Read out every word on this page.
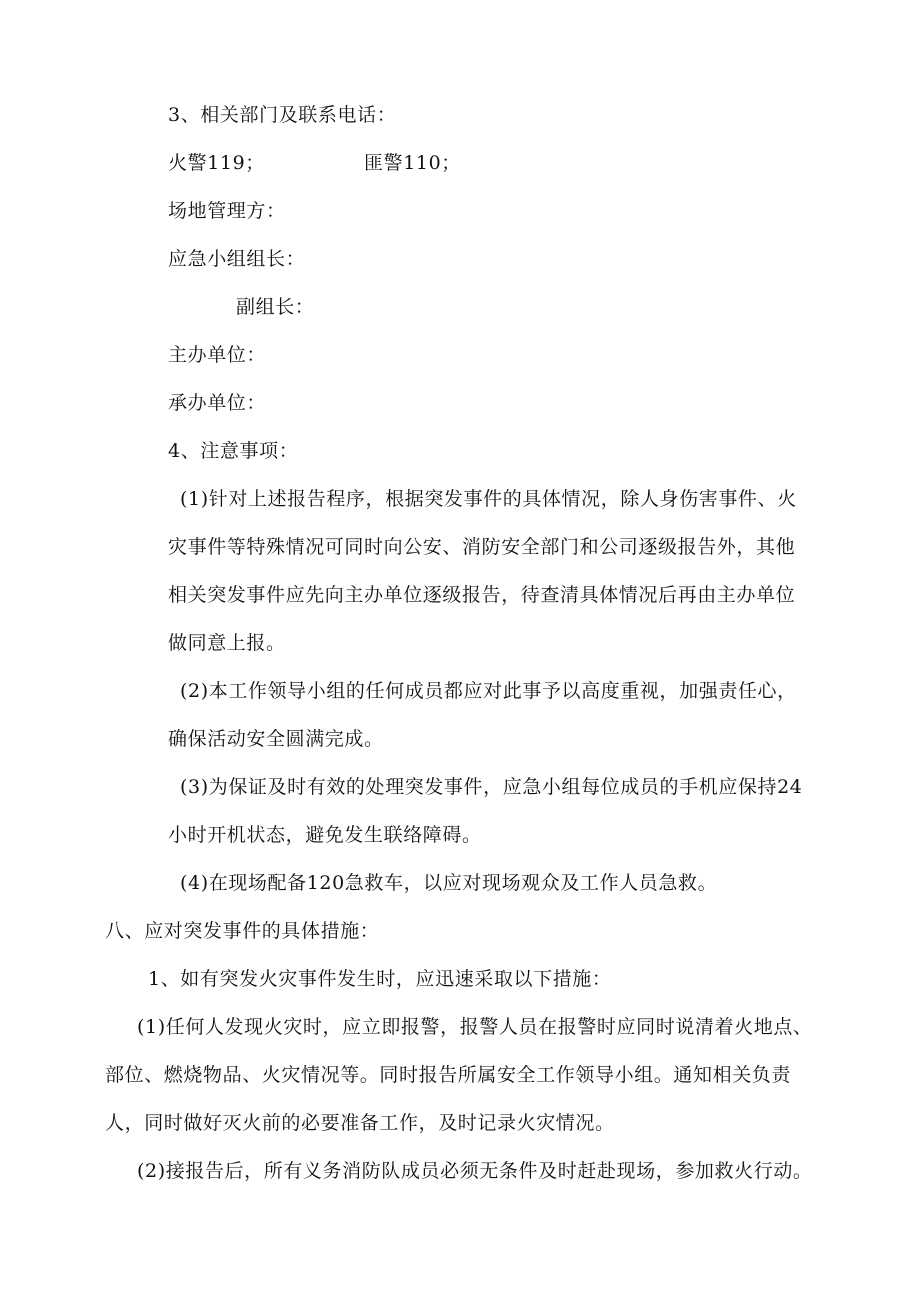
3、相关部门及联系电话：
火警119；	匪警110；
场地管理方：
应急小组组长：
副组长：
主办单位：
承办单位：
4、注意事项：
(1)针对上述报告程序，根据突发事件的具体情况，除人身伤害事件、火
灾事件等特殊情况可同时向公安、消防安全部门和公司逐级报告外，其他
相关突发事件应先向主办单位逐级报告，待查清具体情况后再由主办单位
做同意上报。
(2)本工作领导小组的任何成员都应对此事予以高度重视，加强责任心，
确保活动安全圆满完成。
(3)为保证及时有效的处理突发事件，应急小组每位成员的手机应保持24
小时开机状态，避免发生联络障碍。
(4)在现场配备120急救车，以应对现场观众及工作人员急救。
八、应对突发事件的具体措施：
1、如有突发火灾事件发生时，应迅速采取以下措施：
(1)任何人发现火灾时，应立即报警，报警人员在报警时应同时说清着火地点、
部位、燃烧物品、火灾情况等。同时报告所属安全工作领导小组。通知相关负责
人，同时做好灭火前的必要准备工作，及时记录火灾情况。
(2)接报告后，所有义务消防队成员必须无条件及时赶赴现场，参加救火行动。
